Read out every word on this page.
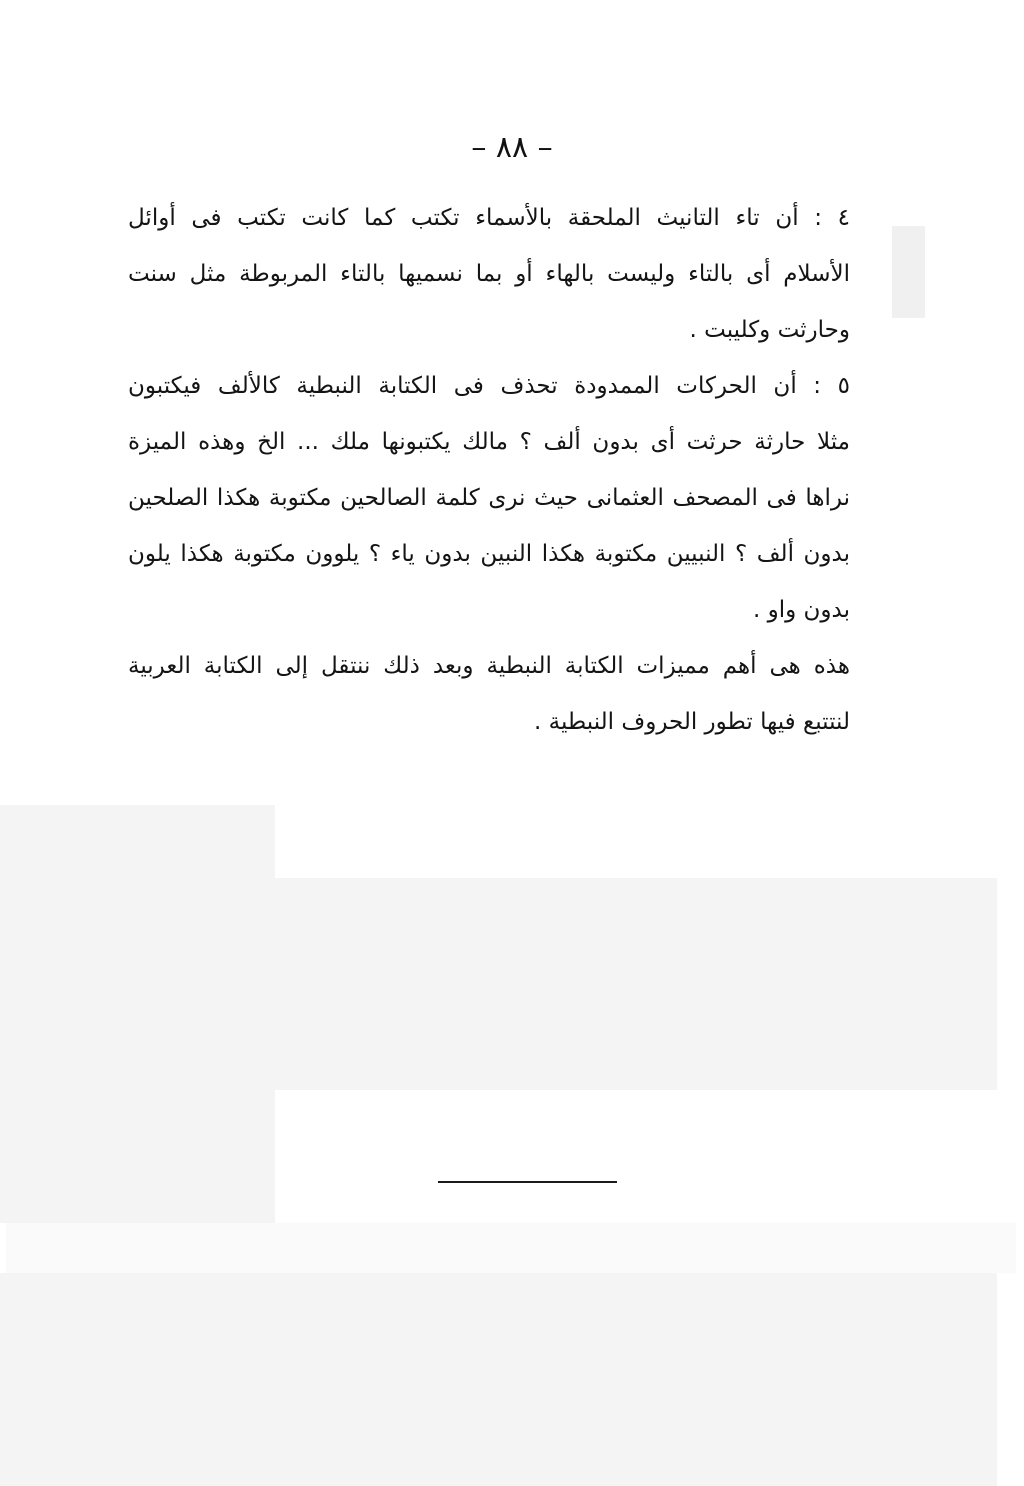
– ٨٨ –
٤ : أن تاء التانيث الملحقة بالأسماء تكتب كما كانت تكتب فى أوائل
الأسلام أى بالتاء وليست بالهاء أو بما نسميها بالتاء المربوطة مثل سنت
وحارثت وكليبت .
٥ : أن الحركات الممدودة تحذف فى الكتابة النبطية كالألف فيكتبون
مثلا حارثة حرثت أى بدون ألف ؟ مالك يكتبونها ملك ... الخ وهذه الميزة
نراها فى المصحف العثمانى حيث نرى كلمة الصالحين مكتوبة هكذا الصلحين
بدون ألف ؟ النبيين مكتوبة هكذا النبين بدون ياء ؟ يلوون مكتوبة هكذا يلون
بدون واو .
هذه هى أهم مميزات الكتابة النبطية وبعد ذلك ننتقل إلى الكتابة العربية
لنتتبع فيها تطور الحروف النبطية .
